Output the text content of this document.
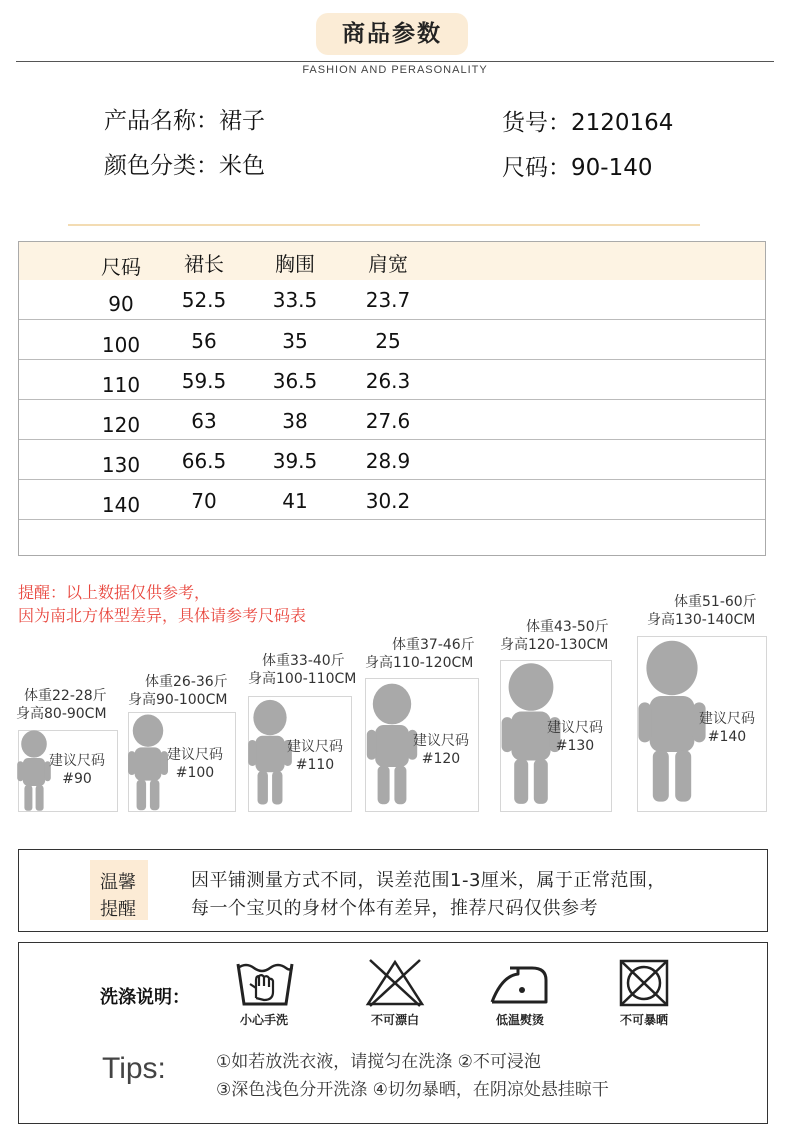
商品参数
FASHION AND PERASONALITY
产品名称：裙子
颜色分类：米色
货号：2120164
尺码：90-140
尺码	裙长	胸围	肩宽
90	52.5	33.5	23.7
100	56	35	25
110	59.5	36.5	26.3
120	63	38	27.6
130	66.5	39.5	28.9
140	70	41	30.2
提醒：以上数据仅供参考，
因为南北方体型差异，具体请参考尺码表
体重22-28斤
身高80-90CM
建议尺码
#90
体重26-36斤
身高90-100CM
建议尺码
#100
体重33-40斤
身高100-110CM
建议尺码
#110
体重37-46斤
身高110-120CM
建议尺码
#120
体重43-50斤
身高120-130CM
建议尺码
#130
体重51-60斤
身高130-140CM
建议尺码
#140
温馨
提醒
因平铺测量方式不同，误差范围1-3厘米，属于正常范围，
每一个宝贝的身材个体有差异，推荐尺码仅供参考
洗涤说明：
小心手洗	不可漂白	低温熨烫	不可暴晒
Tips:	①如若放洗衣液，请搅匀在洗涤 ②不可浸泡
③深色浅色分开洗涤 ④切勿暴晒，在阴凉处悬挂晾干
